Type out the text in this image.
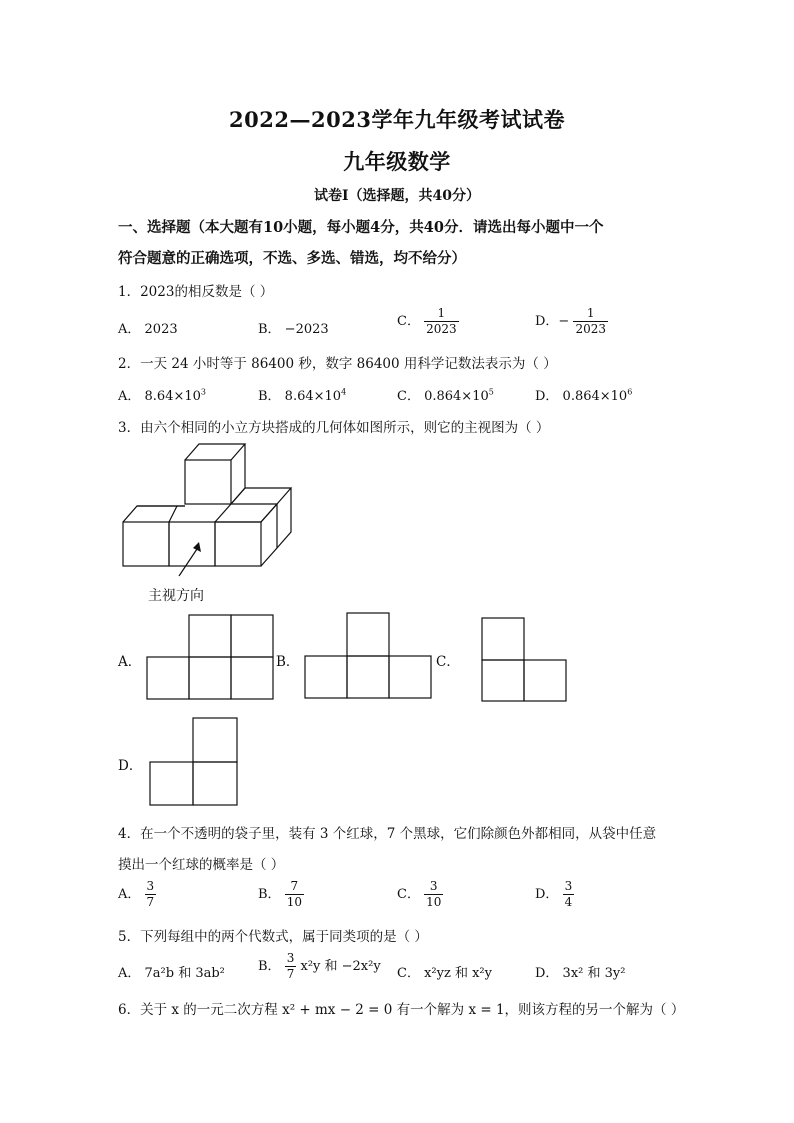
2022—2023学年九年级考试试卷
九年级数学
试卷Ⅰ（选择题，共40分）
一、选择题（本大题有10小题，每小题4分，共40分．请选出每小题中一个
符合题意的正确选项，不选、多选、错选，均不给分）
1．2023的相反数是（ ）
A． 2023	B． −2023
C． $\frac{1}{2023}$	D．− $\frac{1}{2023}$
2．一天 24 小时等于 86400 秒，数字 86400 用科学记数法表示为（ ）
A． $8.64\times 10^3$	B． $8.64\times 10^4$	C． $0.864\times 10^5$	D． $0.864\times 10^6$
3．由六个相同的小立方块搭成的几何体如图所示，则它的主视图为（ ）
主视方向
A．	B．	C．
D．
4．在一个不透明的袋子里，装有 3 个红球，7 个黑球，它们除颜色外都相同，从袋中任意
摸出一个红球的概率是（ ）
A． $\frac{3}{7}$	B． $\frac{7}{10}$	C． $\frac{3}{10}$	D． $\frac{3}{4}$
5．下列每组中的两个代数式，属于同类项的是（ ）
A． 7a²b 和 3ab²	B． $\frac{3}{7} x^2y$ 和 −2x²y C． x²yz 和 x²y	D． 3x² 和 3y²
6．关于 x 的一元二次方程 x² + mx − 2 = 0 有一个解为 x = 1，则该方程的另一个解为（ ）
